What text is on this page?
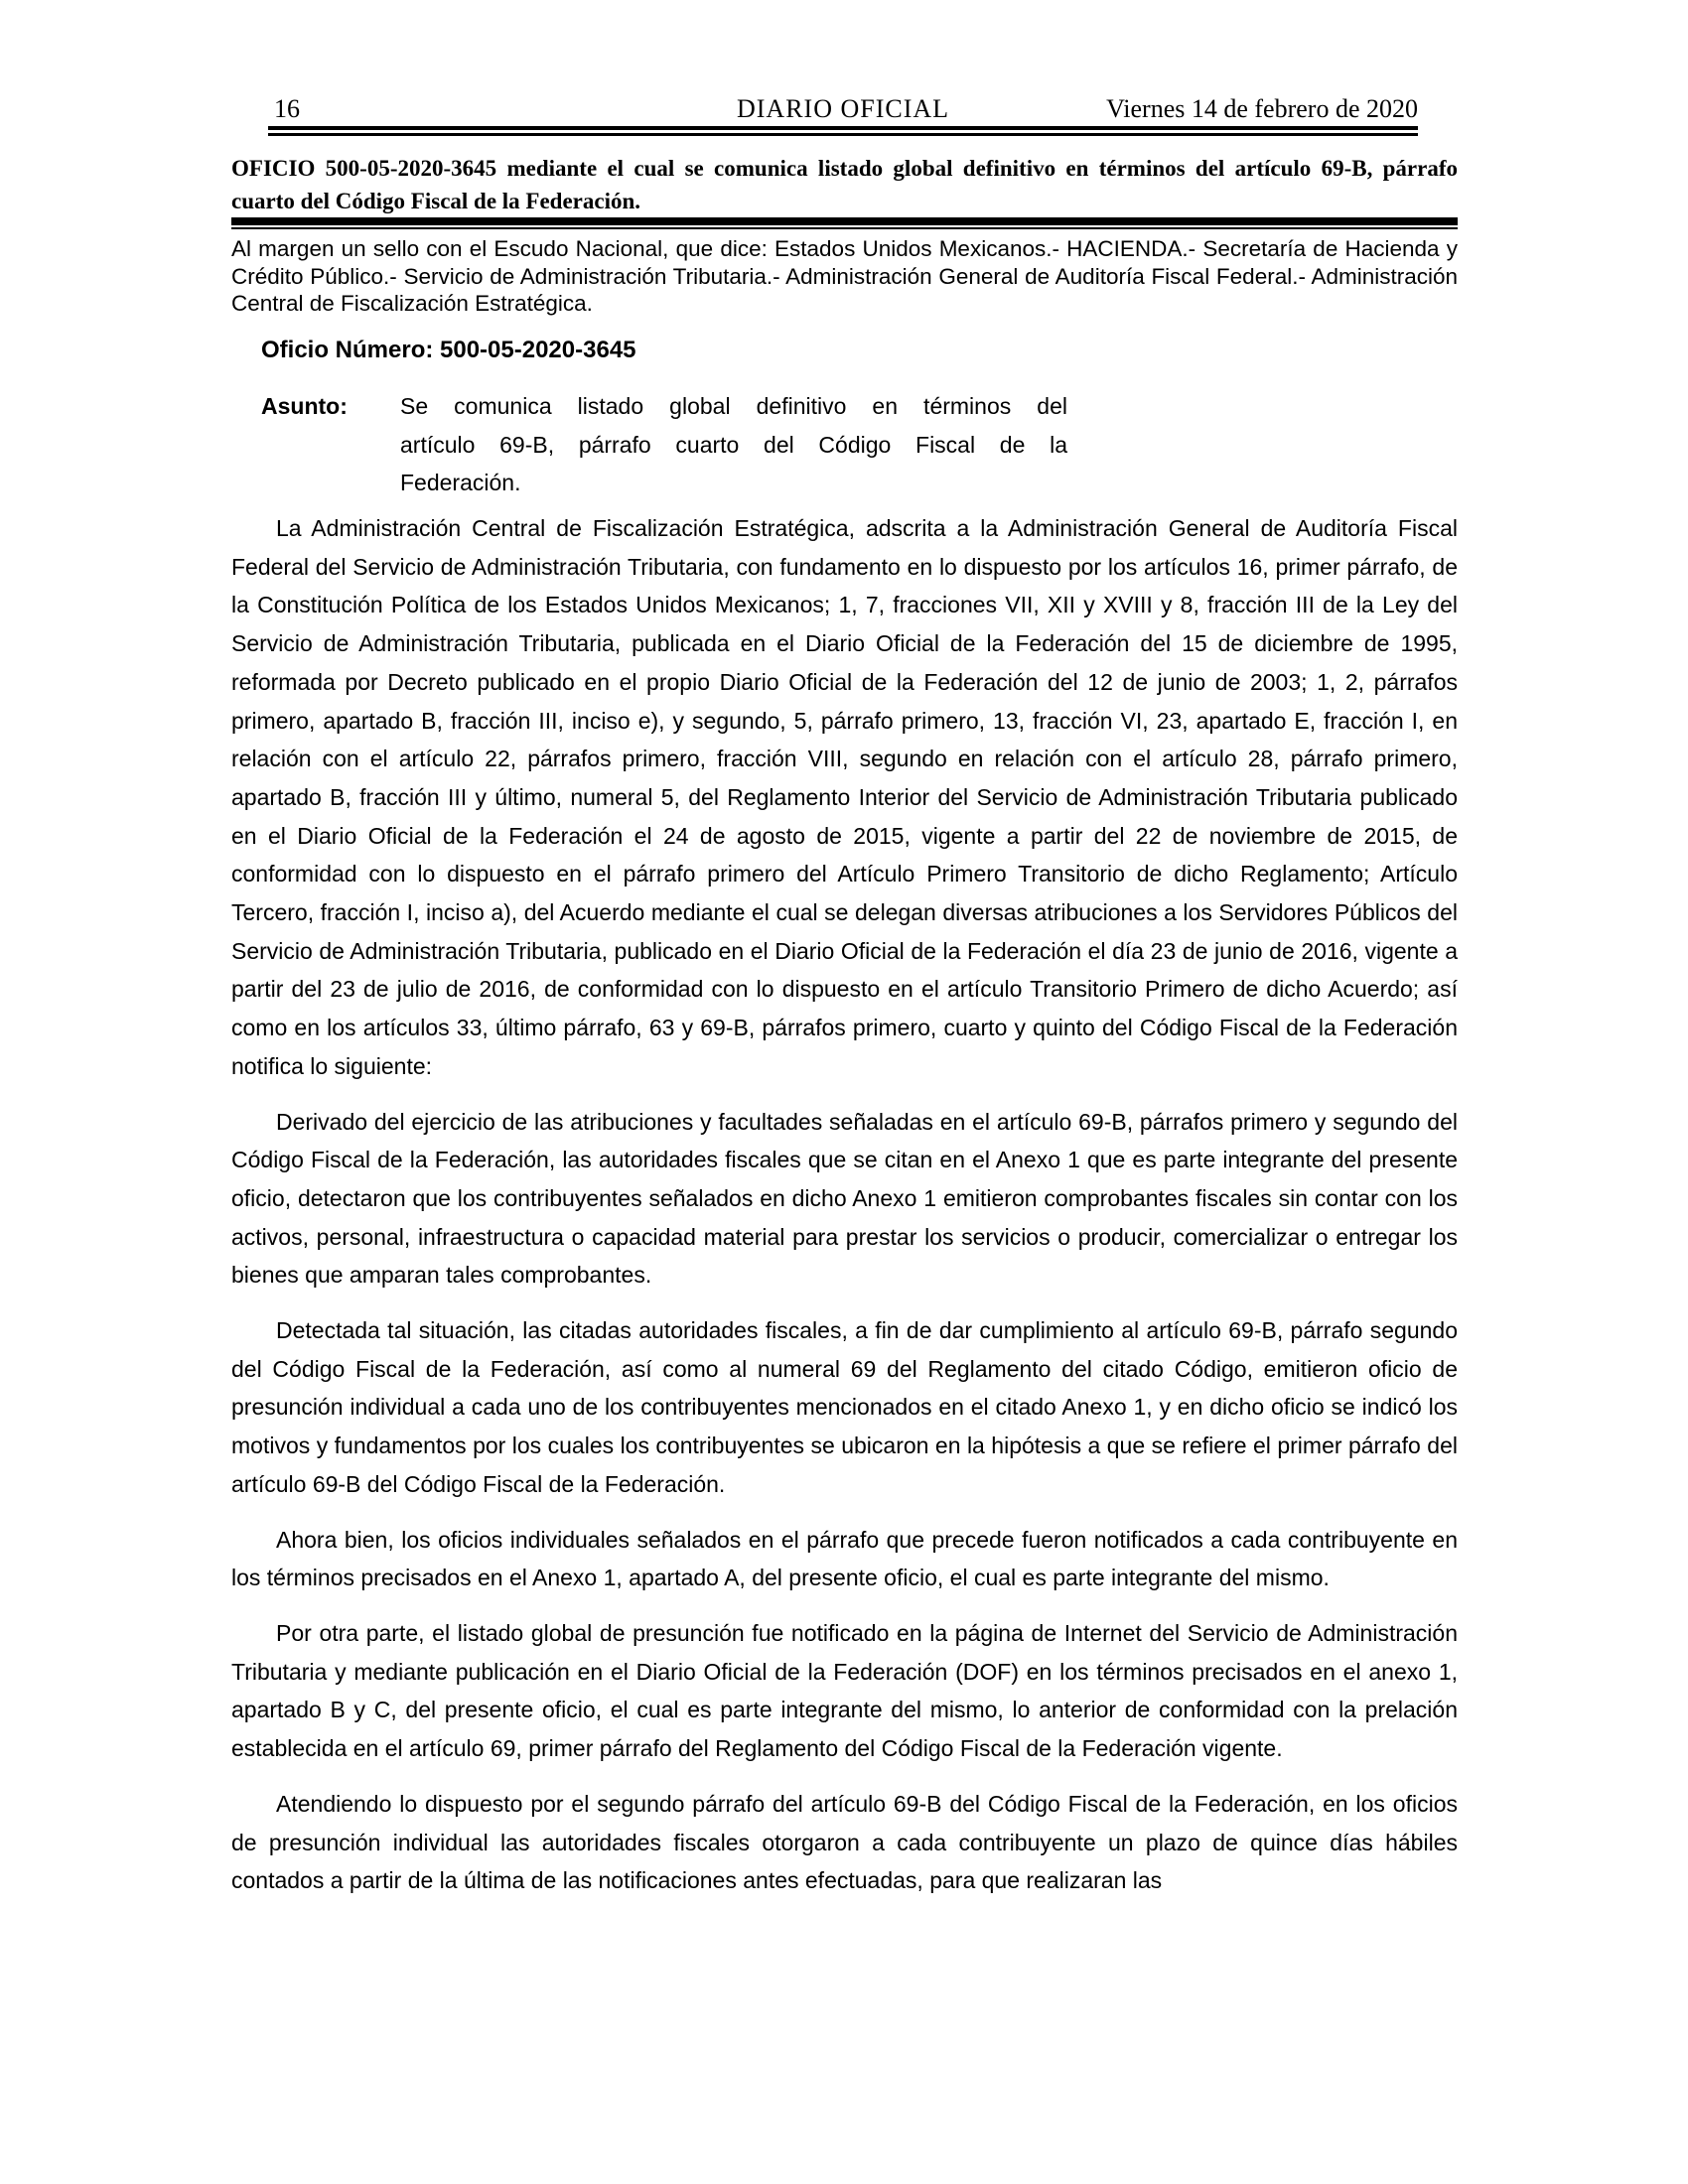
16	DIARIO OFICIAL	Viernes 14 de febrero de 2020
OFICIO 500-05-2020-3645 mediante el cual se comunica listado global definitivo en términos del artículo 69-B, párrafo cuarto del Código Fiscal de la Federación.
Al margen un sello con el Escudo Nacional, que dice: Estados Unidos Mexicanos.- HACIENDA.- Secretaría de Hacienda y Crédito Público.- Servicio de Administración Tributaria.- Administración General de Auditoría Fiscal Federal.- Administración Central de Fiscalización Estratégica.
Oficio Número: 500-05-2020-3645
Asunto: Se comunica listado global definitivo en términos del artículo 69-B, párrafo cuarto del Código Fiscal de la Federación.

La Administración Central de Fiscalización Estratégica, adscrita a la Administración General de Auditoría Fiscal Federal del Servicio de Administración Tributaria, con fundamento en lo dispuesto por los artículos 16, primer párrafo, de la Constitución Política de los Estados Unidos Mexicanos; 1, 7, fracciones VII, XII y XVIII y 8, fracción III de la Ley del Servicio de Administración Tributaria, publicada en el Diario Oficial de la Federación del 15 de diciembre de 1995, reformada por Decreto publicado en el propio Diario Oficial de la Federación del 12 de junio de 2003; 1, 2, párrafos primero, apartado B, fracción III, inciso e), y segundo, 5, párrafo primero, 13, fracción VI, 23, apartado E, fracción I, en relación con el artículo 22, párrafos primero, fracción VIII, segundo en relación con el artículo 28, párrafo primero, apartado B, fracción III y último, numeral 5, del Reglamento Interior del Servicio de Administración Tributaria publicado en el Diario Oficial de la Federación el 24 de agosto de 2015, vigente a partir del 22 de noviembre de 2015, de conformidad con lo dispuesto en el párrafo primero del Artículo Primero Transitorio de dicho Reglamento; Artículo Tercero, fracción I, inciso a), del Acuerdo mediante el cual se delegan diversas atribuciones a los Servidores Públicos del Servicio de Administración Tributaria, publicado en el Diario Oficial de la Federación el día 23 de junio de 2016, vigente a partir del 23 de julio de 2016, de conformidad con lo dispuesto en el artículo Transitorio Primero de dicho Acuerdo; así como en los artículos 33, último párrafo, 63 y 69-B, párrafos primero, cuarto y quinto del Código Fiscal de la Federación notifica lo siguiente:

Derivado del ejercicio de las atribuciones y facultades señaladas en el artículo 69-B, párrafos primero y segundo del Código Fiscal de la Federación, las autoridades fiscales que se citan en el Anexo 1 que es parte integrante del presente oficio, detectaron que los contribuyentes señalados en dicho Anexo 1 emitieron comprobantes fiscales sin contar con los activos, personal, infraestructura o capacidad material para prestar los servicios o producir, comercializar o entregar los bienes que amparan tales comprobantes.

Detectada tal situación, las citadas autoridades fiscales, a fin de dar cumplimiento al artículo 69-B, párrafo segundo del Código Fiscal de la Federación, así como al numeral 69 del Reglamento del citado Código, emitieron oficio de presunción individual a cada uno de los contribuyentes mencionados en el citado Anexo 1, y en dicho oficio se indicó los motivos y fundamentos por los cuales los contribuyentes se ubicaron en la hipótesis a que se refiere el primer párrafo del artículo 69-B del Código Fiscal de la Federación.

Ahora bien, los oficios individuales señalados en el párrafo que precede fueron notificados a cada contribuyente en los términos precisados en el Anexo 1, apartado A, del presente oficio, el cual es parte integrante del mismo.

Por otra parte, el listado global de presunción fue notificado en la página de Internet del Servicio de Administración Tributaria y mediante publicación en el Diario Oficial de la Federación (DOF) en los términos precisados en el anexo 1, apartado B y C, del presente oficio, el cual es parte integrante del mismo, lo anterior de conformidad con la prelación establecida en el artículo 69, primer párrafo del Reglamento del Código Fiscal de la Federación vigente.

Atendiendo lo dispuesto por el segundo párrafo del artículo 69-B del Código Fiscal de la Federación, en los oficios de presunción individual las autoridades fiscales otorgaron a cada contribuyente un plazo de quince días hábiles contados a partir de la última de las notificaciones antes efectuadas, para que realizaran las
